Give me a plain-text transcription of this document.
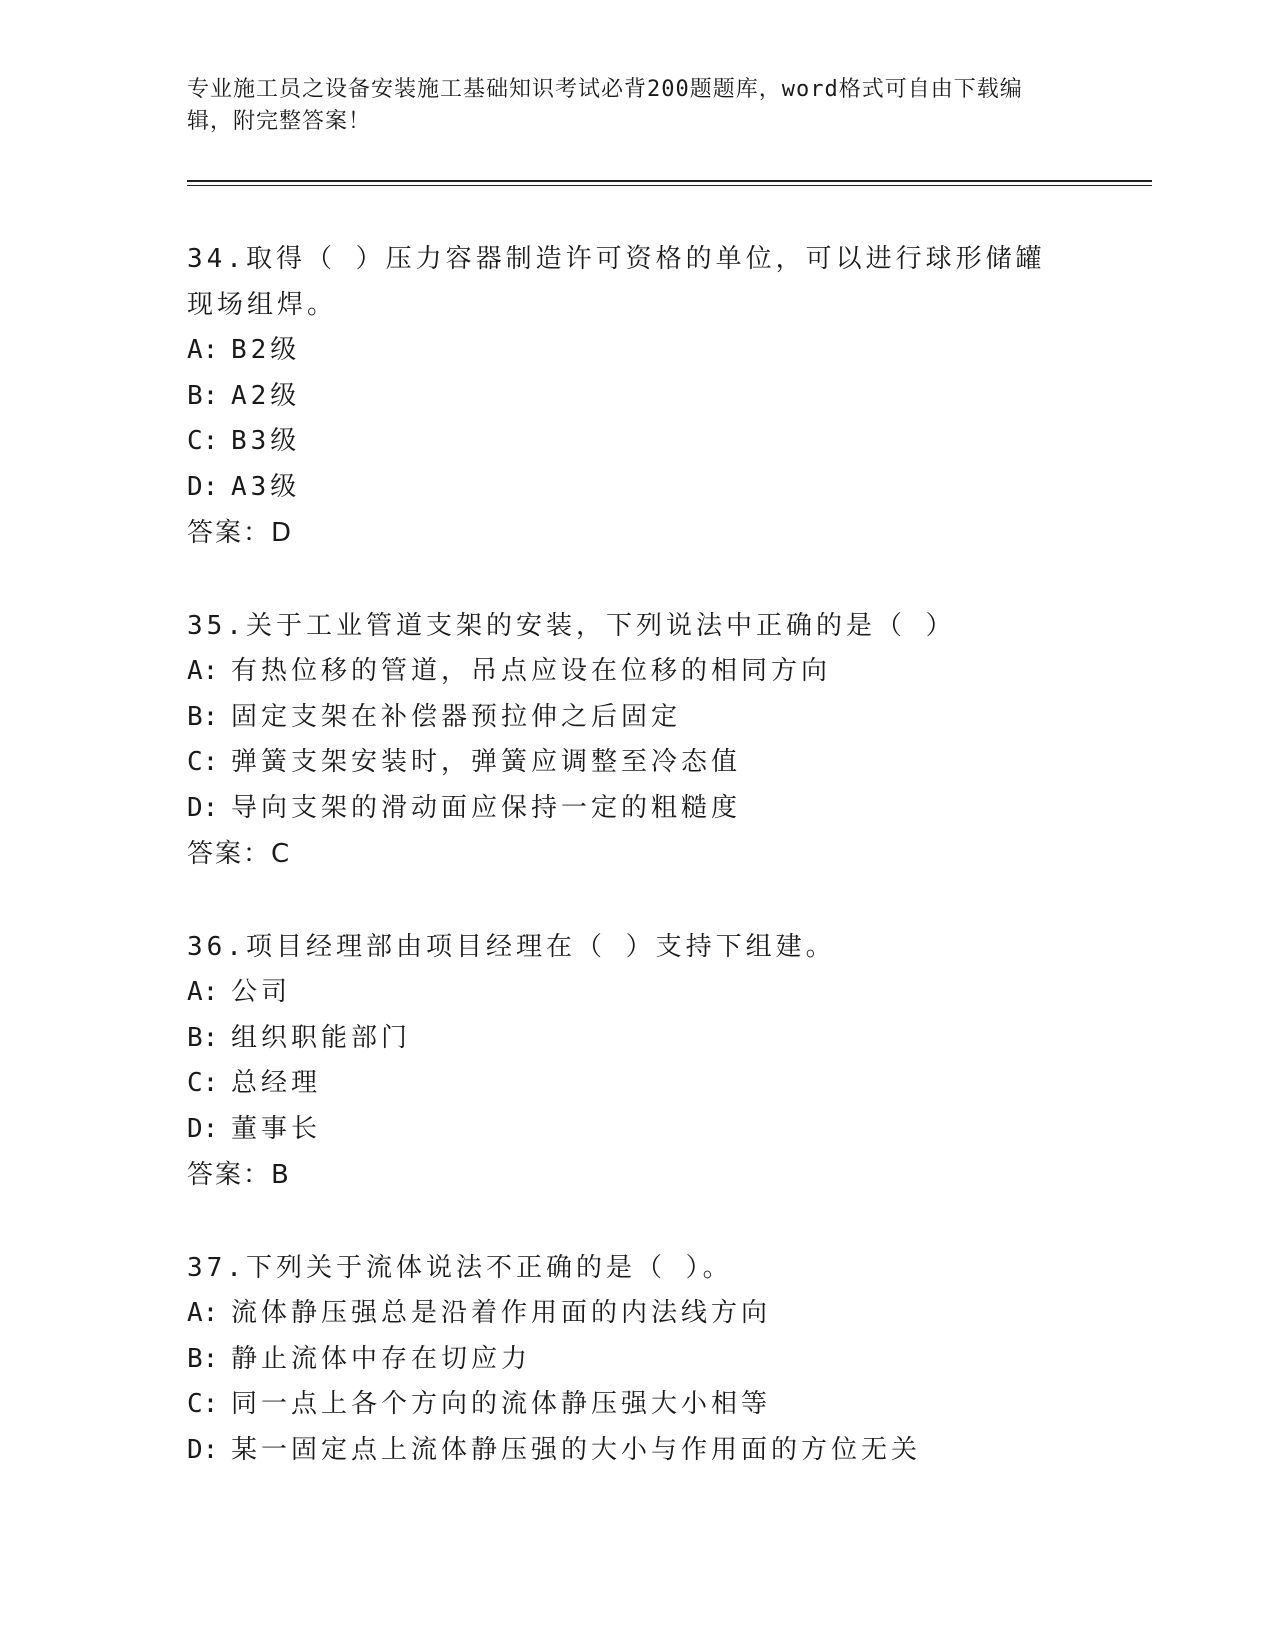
专业施工员之设备安装施工基础知识考试必背200题题库，word格式可自由下载编辑，附完整答案！
34.取得（ ）压力容器制造许可资格的单位，可以进行球形储罐现场组焊。
A: B2级
B: A2级
C: B3级
D: A3级
答案：D
35.关于工业管道支架的安装，下列说法中正确的是（ ）
A: 有热位移的管道，吊点应设在位移的相同方向
B: 固定支架在补偿器预拉伸之后固定
C: 弹簧支架安装时，弹簧应调整至冷态值
D: 导向支架的滑动面应保持一定的粗糙度
答案：C
36.项目经理部由项目经理在（ ）支持下组建。
A: 公司
B: 组织职能部门
C: 总经理
D: 董事长
答案：B
37.下列关于流体说法不正确的是（ ）。
A: 流体静压强总是沿着作用面的内法线方向
B: 静止流体中存在切应力
C: 同一点上各个方向的流体静压强大小相等
D: 某一固定点上流体静压强的大小与作用面的方位无关
